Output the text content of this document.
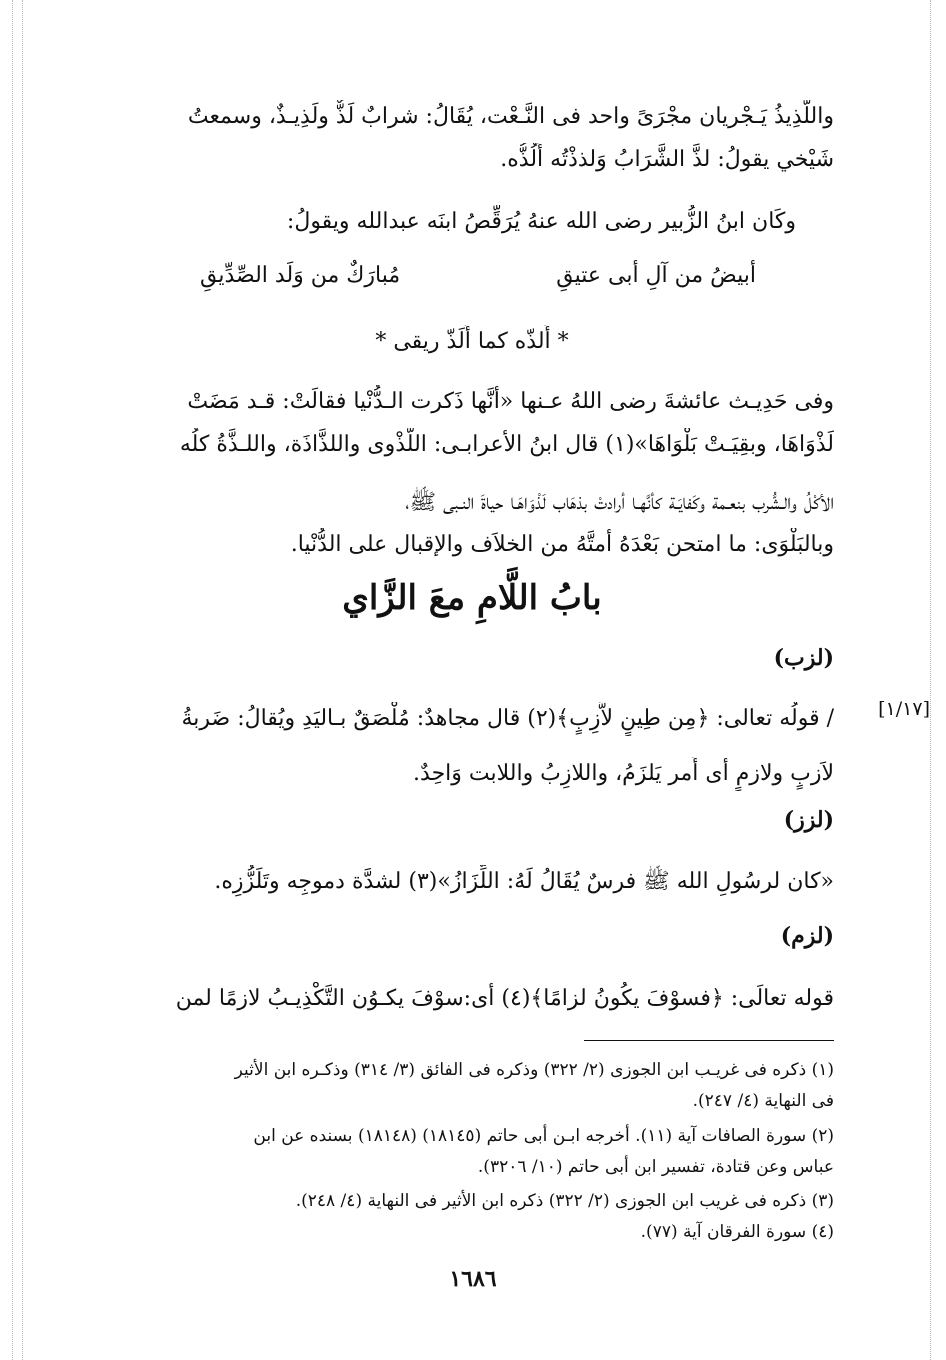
واللَّذِيذُ يَـجْريان مجْرَىً واحد فى النَّـعْت، يُقَالُ: شرابٌ لَذٌّ ولَذِيـذٌ، وسمعتُ
شَيْخي يقولُ: لذَّ الشَّرَابُ وَلذذْتُه أَلُذُّه.
وكَان ابنُ الزُّبير رضى الله عنهُ يُرَقِّصُ ابنَه عبدالله ويقولُ:
أبيضُ من آلِ أبى عتيقِ
مُبارَكٌ من وَلَد الصِّدِّيقِ
* أَلذّه كما أَلَذّ ريقى *
وفى حَدِيـث عائشةَ رضى اللهُ عـنها «أنَّها ذَكرت الـدُّنْيا فقالَتْ: قـد مَضَتْ
لَذْوَاهَا، وبقِيَـتْ بَلْوَاهَا»(١) قال ابنُ الأعرابـى: اللَّذْوى واللذَّاذَة، واللـذَّةُ كلُه
الأكْلُ والـشُّرب بنعـمة وكَفايَـة كأنَّهـا أرادتْ بذهَاب لَذْوَاهَـا حياةَ النـبى ﷺ،
وبالبَلْوَى: ما امتحن بَعْدَهُ أمتَّهُ من الخلاَف والإقبال على الدُّنْيا.
بابُ اللَّامِ معَ الزَّاي
(لزب)
[١/١٧]
/ قولُه تعالى: ﴿مِن طِينٍ لاَّزِبٍ﴾(٢) قال مجاهدٌ: مُلْصَقٌ بـاليَدِ ويُقالُ: ضَربةُ
لاَزبٍ ولازمٍ أى أَمر يَلزَمُ، واللازِبُ واللابت وَاحِدٌ.
(لزز)
«كان لرسُولِ الله ﷺ فرسٌ يُقَالُ لَهُ: اللِّزَازُ»(٣) لشدَّة دموجِه وتَلَزُّزِه.
(لزم)
قوله تعالَى: ﴿فسوْفَ يكُونُ لزامًا﴾(٤) أى:سوْفَ يكـوُن التَّكْذِيـبُ لازمًا لمن
(١) ذكره فى غريـب ابن الجوزى (٢/ ٣٢٢) وذكره فى الفائق (٣/ ٣١٤) وذكـره ابن الأثير
فى النهاية (٤/ ٢٤٧).
(٢) سورة الصافات آية (١١). أخرجه ابـن أبى حاتم (١٨١٤٥) (١٨١٤٨) بسنده عن ابن
عباس وعن قتادة، تفسير ابن أبى حاتم (١٠/ ٣٢٠٦).
(٣) ذكره فى غريب ابن الجوزى (٢/ ٣٢٢) ذكره ابن الأثير فى النهاية (٤/ ٢٤٨).
(٤) سورة الفرقان آية (٧٧).
١٦٨٦
